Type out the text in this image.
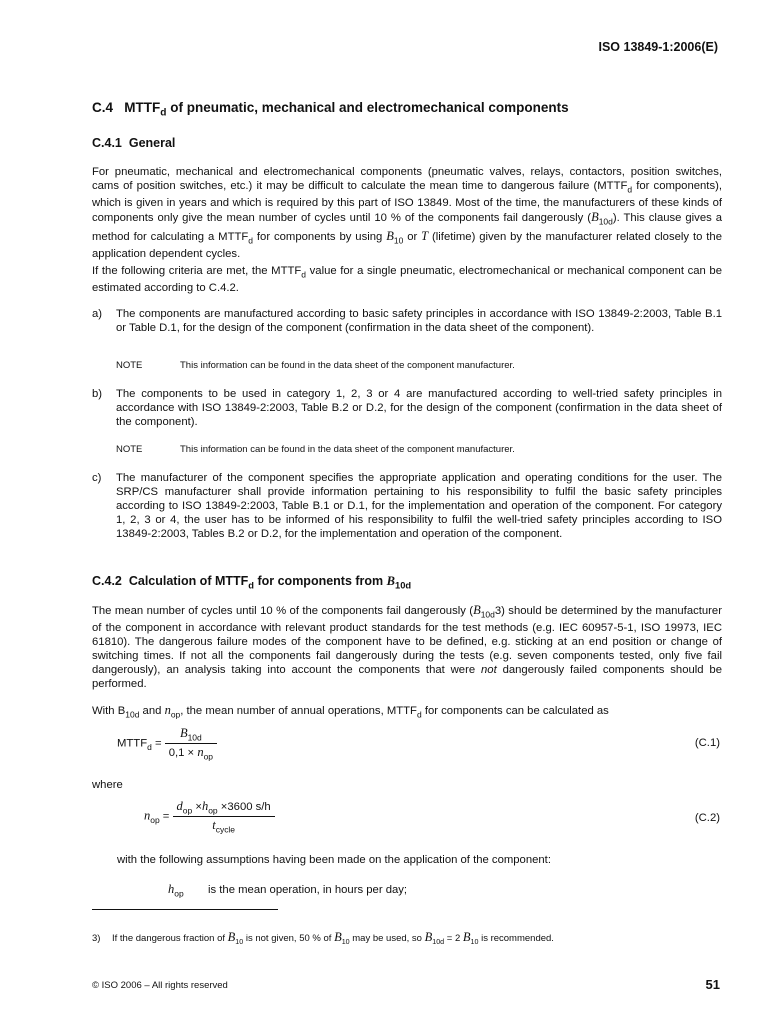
ISO 13849-1:2006(E)
C.4 $MTTF_d$ of pneumatic, mechanical and electromechanical components
C.4.1 General

For pneumatic, mechanical and electromechanical components (pneumatic valves, relays, contactors, position switches, cams of position switches, etc.) it may be difficult to calculate the mean time to dangerous failure ($MTTF_d$ for components), which is given in years and which is required by this part of ISO 13849. Most of the time, the manufacturers of these kinds of components only give the mean number of cycles until 10 % of the components fail dangerously $(B_{10d})$. This clause gives a method for calculating a $MTTF_d$ for components by using $B_{10}$ or T (lifetime) given by the manufacturer related closely to the application dependent cycles.

If the following criteria are met, the $MTTF_d$ value for a single pneumatic, electromechanical or mechanical component can be estimated according to C.4.2.

a)	The components are manufactured according to basic safety principles in accordance with ISO 13849-2:2003, Table B.1 or Table D.1, for the design of the component (confirmation in the data sheet of the component).
NOTE	This information can be found in the data sheet of the component manufacturer.
b)	The components to be used in category 1, 2, 3 or 4 are manufactured according to well-tried safety principles in accordance with ISO 13849-2:2003, Table B.2 or D.2, for the design of the component (confirmation in the data sheet of the component).
NOTE	This information can be found in the data sheet of the component manufacturer.
c)	The manufacturer of the component specifies the appropriate application and operating conditions for the user. The SRP/CS manufacturer shall provide information pertaining to his responsibility to fulfil the basic safety principles according to ISO 13849-2:2003, Table B.1 or D.1, for the implementation and operation of the component. For category 1, 2, 3 or 4, the user has to be informed of his responsibility to fulfil the well-tried safety principles according to ISO 13849-2:2003, Tables B.2 or D.2, for the implementation and operation of the component.
C.4.2 Calculation of $MTTF_d$ for components from $B_{10d}$

The mean number of cycles until 10 % of the components fail dangerously $(B_{10d}3)$ should be determined by the manufacturer of the component in accordance with relevant product standards for the test methods (e.g. IEC 60957-5-1, ISO 19973, IEC 61810). The dangerous failure modes of the component have to be defined, e.g. sticking at an end position or change of switching times. If not all the components fail dangerously during the tests (e.g. seven components tested, only five fail dangerously), an analysis taking into account the components that were not dangerously failed components should be performed.

With $B_{10d}$ and $n_{op}$, the mean number of annual operations, $MTTF_d$ for components can be calculated as

$MTTF_d = \frac{B_{10d}}{0,1 \times n_{op}}$	(C.1)
where
$n_{op} = \frac{d_{op} \times h_{op} \times 3600 s/h}{t_{cycle}}$	(C.2)
with the following assumptions having been made on the application of the component:
$h_{op}$ is the mean operation, in hours per day;
3) If the dangerous fraction of $B_{10}$ is not given, 50 % of $B_{10}$ may be used, so $B_{10d} = 2$ $B_{10}$ is recommended.
© ISO 2006 – All rights reserved	51
